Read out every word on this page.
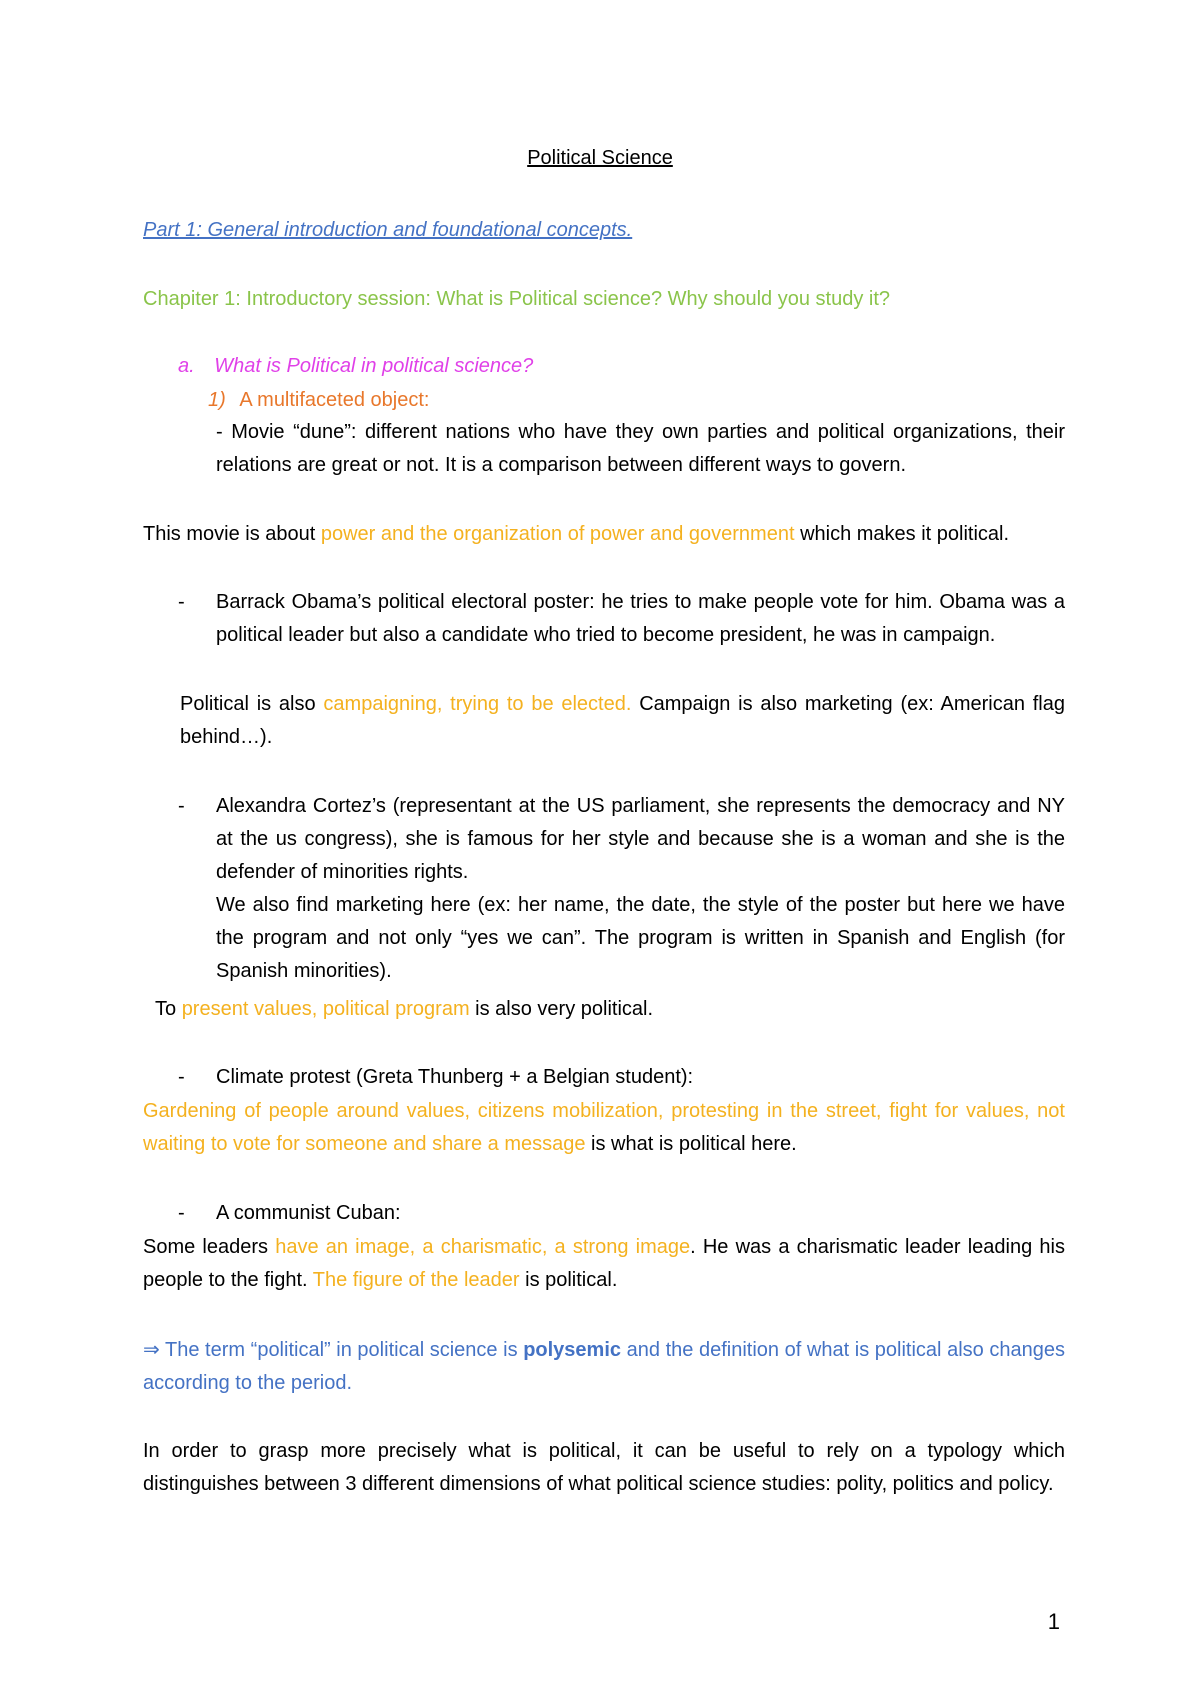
Political Science

Part 1: General introduction and foundational concepts.

Chapiter 1: Introductory session: What is Political science? Why should you study it?

a. What is Political in political science?

1) A multifaceted object:

- Movie “dune”: different nations who have they own parties and political organizations, their relations are great or not. It is a comparison between different ways to govern.

This movie is about power and the organization of power and government which makes it political.

-	Barrack Obama’s political electoral poster: he tries to make people vote for him. Obama was a political leader but also a candidate who tried to become president, he was in campaign.

Political is also campaigning, trying to be elected. Campaign is also marketing (ex: American flag behind…).

-	Alexandra Cortez’s (representant at the US parliament, she represents the democracy and NY at the us congress), she is famous for her style and because she is a woman and she is the defender of minorities rights.

We also find marketing here (ex: her name, the date, the style of the poster but here we have the program and not only “yes we can”. The program is written in Spanish and English (for Spanish minorities).

To present values, political program is also very political.

-	Climate protest (Greta Thunberg + a Belgian student):

Gardening of people around values, citizens mobilization, protesting in the street, fight for values, not waiting to vote for someone and share a message is what is political here.

-	A communist Cuban:

Some leaders have an image, a charismatic, a strong image. He was a charismatic leader leading his people to the fight. The figure of the leader is political.

⇒ The term “political” in political science is polysemic and the definition of what is political also changes according to the period.

In order to grasp more precisely what is political, it can be useful to rely on a typology which distinguishes between 3 different dimensions of what political science studies: polity, politics and policy.

1
